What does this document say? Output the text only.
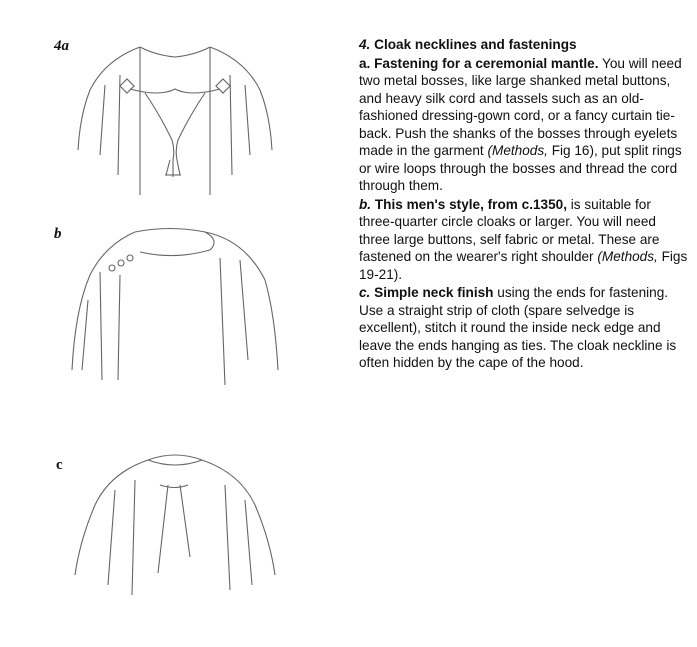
4a
b
c

4. Cloak necklines and fastenings

a. Fastening for a ceremonial mantle. You will need two metal bosses, like large shanked metal buttons, and heavy silk cord and tassels such as an old-fashioned dressing-gown cord, or a fancy curtain tie-back. Push the shanks of the bosses through eyelets made in the garment (Methods, Fig 16), put split rings or wire loops through the bosses and thread the cord through them.

b. This men's style, from c.1350, is suitable for three-quarter circle cloaks or larger. You will need three large buttons, self fabric or metal. These are fastened on the wearer's right shoulder (Methods, Figs 19-21).

c. Simple neck finish using the ends for fastening. Use a straight strip of cloth (spare selvedge is excellent), stitch it round the inside neck edge and leave the ends hanging as ties. The cloak neckline is often hidden by the cape of the hood.
